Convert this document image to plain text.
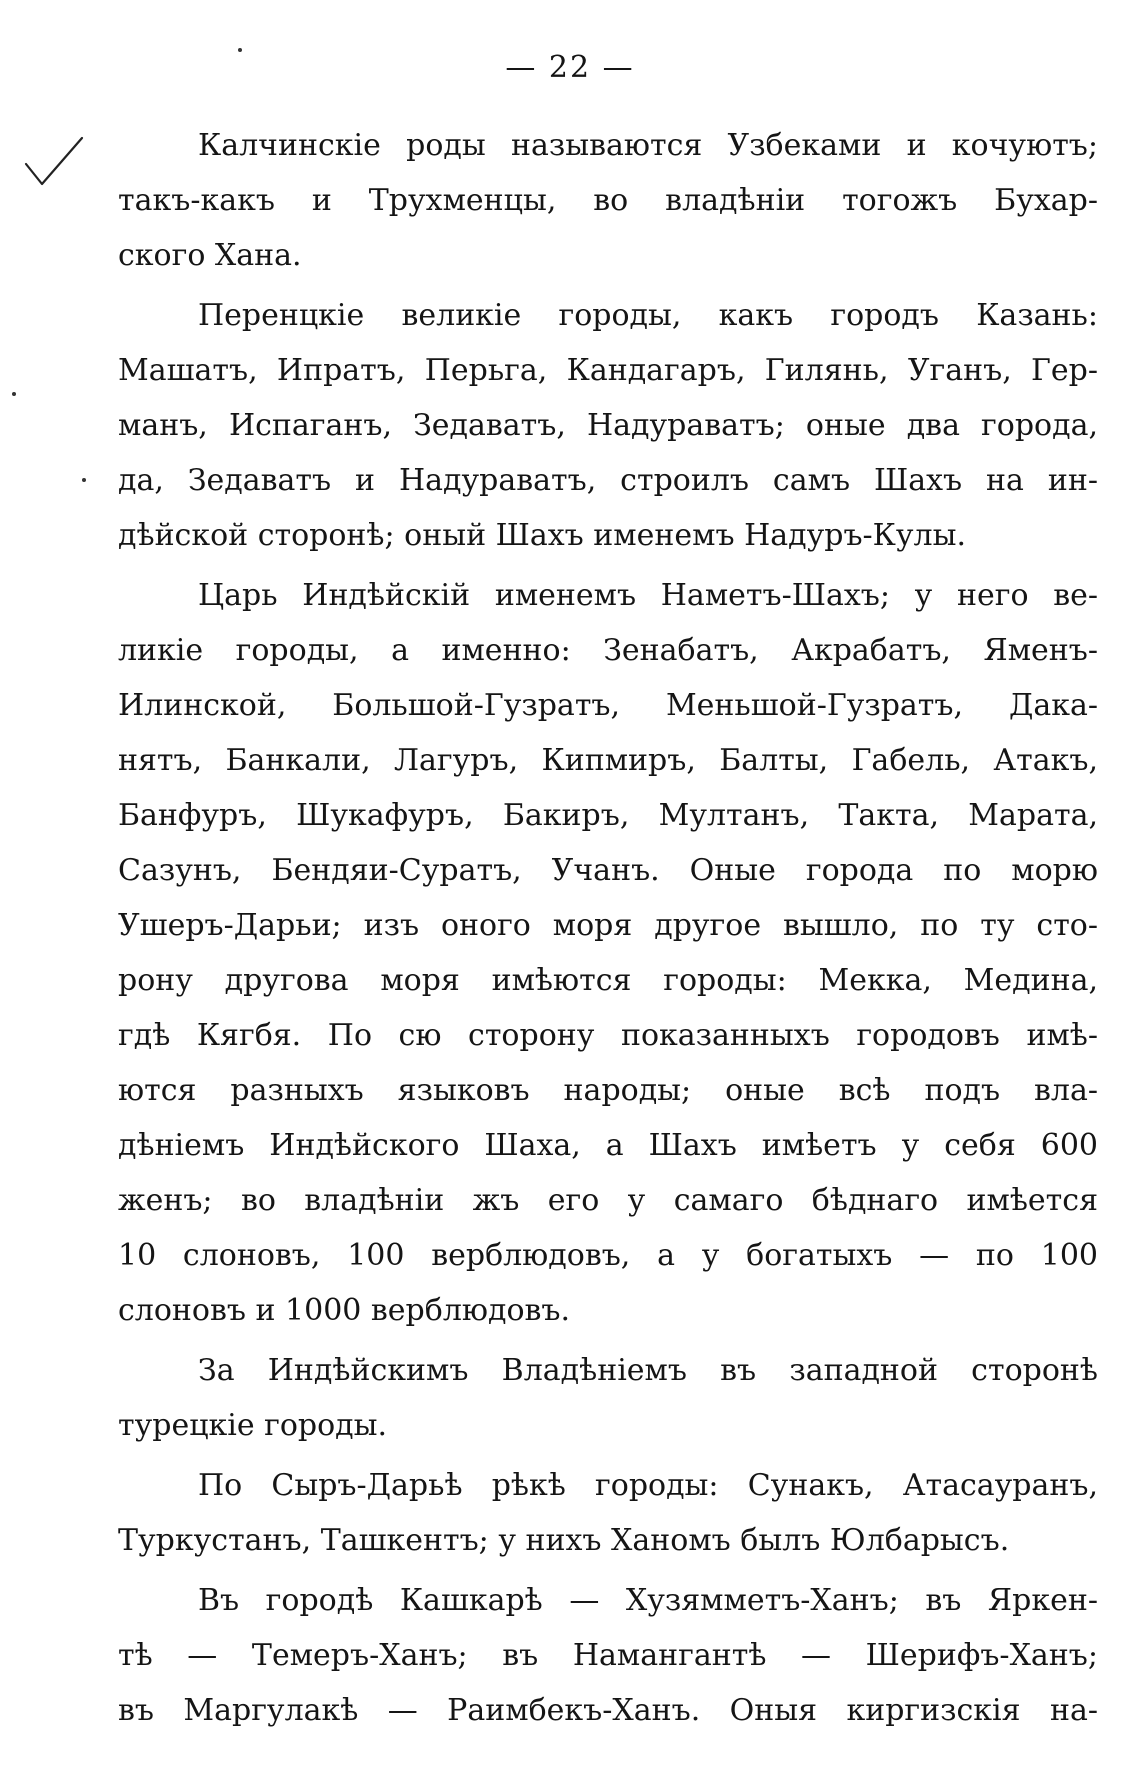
— 22 —
Калчинскіе роды называются Узбеками и кочуютъ;
такъ-какъ и Трухменцы, во владѣніи тогожъ Бухар-
ского Хана.
Перенцкіе великіе городы, какъ городъ Казань:
Машатъ, Ипратъ, Перьга, Кандагаръ, Гилянь, Уганъ, Гер-
манъ, Испаганъ, Зедаватъ, Надураватъ; оные два города,
да, Зедаватъ и Надураватъ, строилъ самъ Шахъ на ин-
дѣйской сторонѣ; оный Шахъ именемъ Надуръ-Кулы.
Царь Индѣйскій именемъ Наметъ-Шахъ; у него ве-
ликіе городы, а именно: Зенабатъ, Акрабатъ, Яменъ-
Илинской, Большой-Гузратъ, Меньшой-Гузратъ, Дака-
нятъ, Банкали, Лагуръ, Кипмиръ, Балты, Габель, Атакъ,
Банфуръ, Шукафуръ, Бакиръ, Мултанъ, Такта, Марата,
Сазунъ, Бендяи-Суратъ, Учанъ. Оные города по морю
Ушеръ-Дарьи; изъ оного моря другое вышло, по ту сто-
рону другова моря имѣются городы: Мекка, Медина,
гдѣ Кягбя. По сю сторону показанныхъ городовъ имѣ-
ются разныхъ языковъ народы; оные всѣ подъ вла-
дѣніемъ Индѣйского Шаха, а Шахъ имѣетъ у себя 600
женъ; во владѣніи жъ его у самаго бѣднаго имѣется
10 слоновъ, 100 верблюдовъ, а у богатыхъ — по 100
слоновъ и 1000 верблюдовъ.
За Индѣйскимъ Владѣніемъ въ западной сторонѣ
турецкіе городы.
По Сыръ-Дарьѣ рѣкѣ городы: Сунакъ, Атасауранъ,
Туркустанъ, Ташкентъ; у нихъ Ханомъ былъ Юлбарысъ.
Въ городѣ Кашкарѣ — Хузямметъ-Ханъ; въ Яркен-
тѣ — Темеръ-Ханъ; въ Намангантѣ — Шерифъ-Ханъ;
въ Маргулакѣ — Раимбекъ-Ханъ. Оныя киргизскія на-
